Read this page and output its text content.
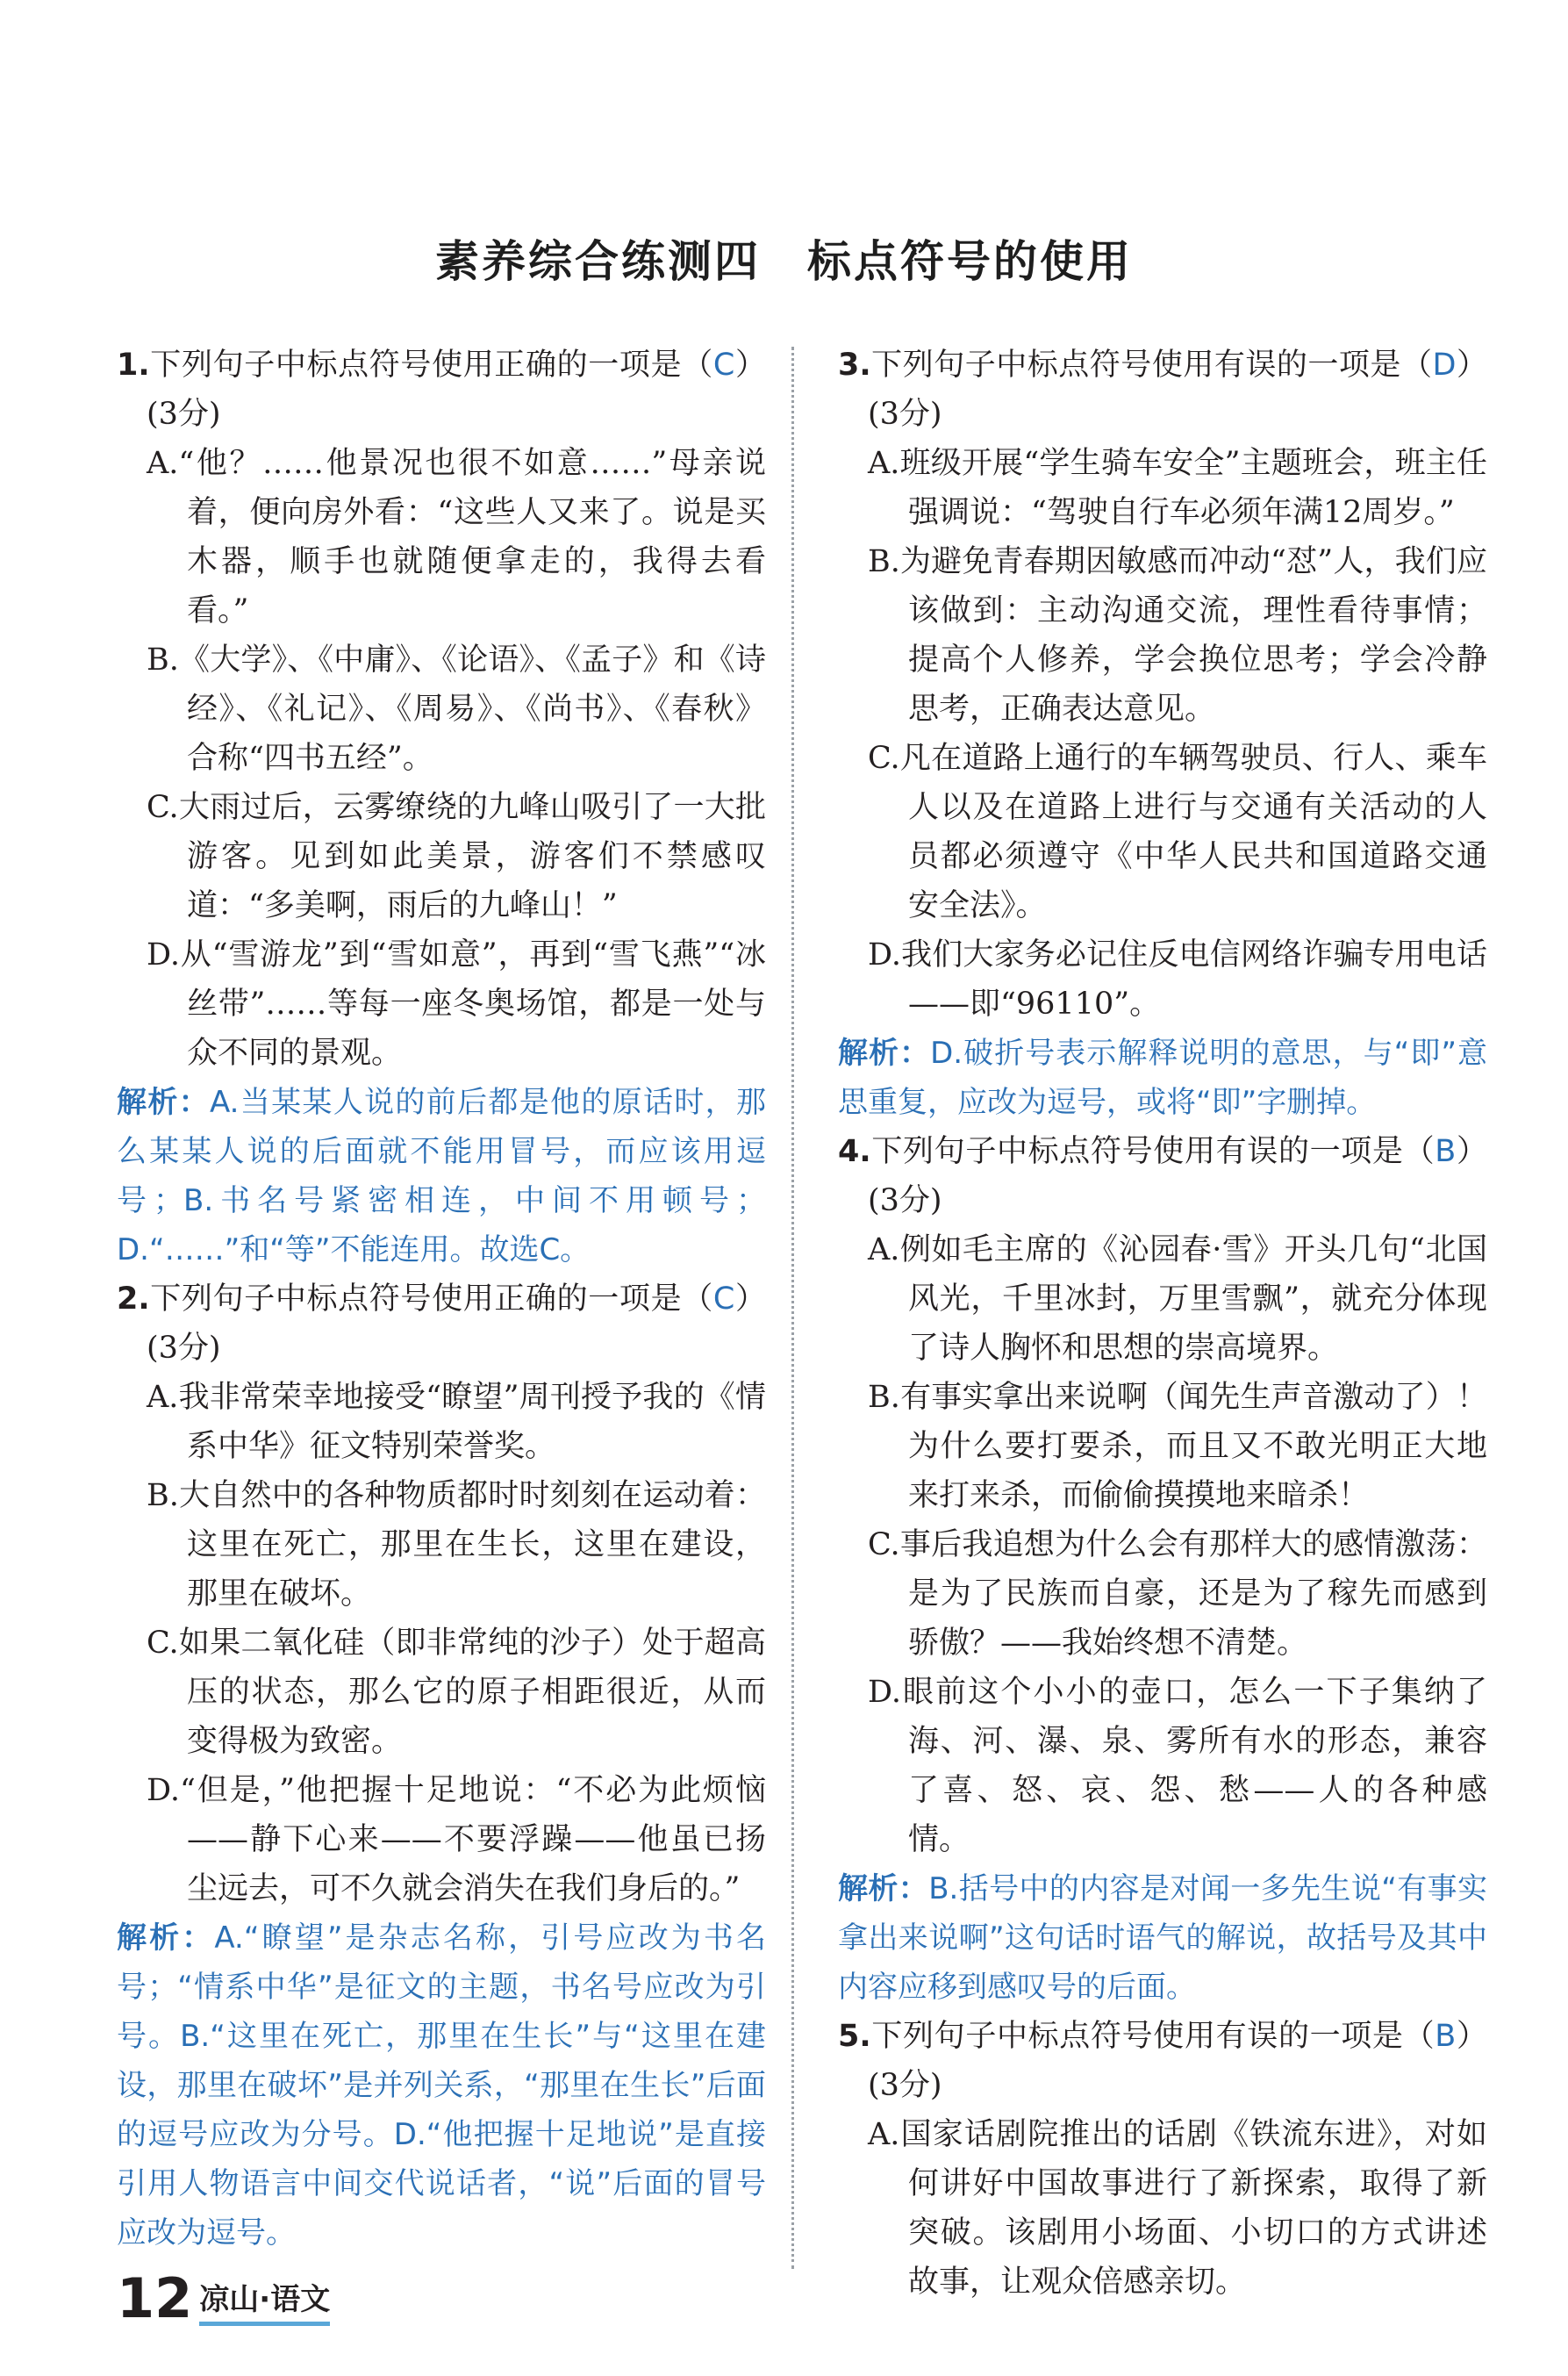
素养综合练测四　标点符号的使用
1.下列句子中标点符号使用正确的一项是（C）(3分)
A.“他？……他景况也很不如意……”母亲说着，便向房外看：“这些人又来了。说是买木器，顺手也就随便拿走的，我得去看看。”
B.《大学》、《中庸》、《论语》、《孟子》和《诗经》、《礼记》、《周易》、《尚书》、《春秋》合称“四书五经”。
C.大雨过后，云雾缭绕的九峰山吸引了一大批游客。见到如此美景，游客们不禁感叹道：“多美啊，雨后的九峰山！”
D.从“雪游龙”到“雪如意”，再到“雪飞燕”“冰丝带”……等每一座冬奥场馆，都是一处与众不同的景观。
解析：A.当某某人说的前后都是他的原话时，那么某某人说的后面就不能用冒号，而应该用逗号；B.书名号紧密相连，中间不用顿号；D.“……”和“等”不能连用。故选C。
2.下列句子中标点符号使用正确的一项是（C）(3分)
A.我非常荣幸地接受“瞭望”周刊授予我的《情系中华》征文特别荣誉奖。
B.大自然中的各种物质都时时刻刻在运动着：这里在死亡，那里在生长，这里在建设，那里在破坏。
C.如果二氧化硅（即非常纯的沙子）处于超高压的状态，那么它的原子相距很近，从而变得极为致密。
D.“但是，”他把握十足地说：“不必为此烦恼——静下心来——不要浮躁——他虽已扬尘远去，可不久就会消失在我们身后的。”
解析：A.“瞭望”是杂志名称，引号应改为书名号；“情系中华”是征文的主题，书名号应改为引号。B.“这里在死亡，那里在生长”与“这里在建设，那里在破坏”是并列关系，“那里在生长”后面的逗号应改为分号。D.“他把握十足地说”是直接引用人物语言中间交代说话者，“说”后面的冒号应改为逗号。
3.下列句子中标点符号使用有误的一项是（D）(3分)
A.班级开展“学生骑车安全”主题班会，班主任强调说：“驾驶自行车必须年满12周岁。”
B.为避免青春期因敏感而冲动“怼”人，我们应该做到：主动沟通交流，理性看待事情；提高个人修养，学会换位思考；学会冷静思考，正确表达意见。
C.凡在道路上通行的车辆驾驶员、行人、乘车人以及在道路上进行与交通有关活动的人员都必须遵守《中华人民共和国道路交通安全法》。
D.我们大家务必记住反电信网络诈骗专用电话——即“96110”。
解析：D.破折号表示解释说明的意思，与“即”意思重复，应改为逗号，或将“即”字删掉。
4.下列句子中标点符号使用有误的一项是（B）(3分)
A.例如毛主席的《沁园春·雪》开头几句“北国风光，千里冰封，万里雪飘”，就充分体现了诗人胸怀和思想的崇高境界。
B.有事实拿出来说啊（闻先生声音激动了）！为什么要打要杀，而且又不敢光明正大地来打来杀，而偷偷摸摸地来暗杀！
C.事后我追想为什么会有那样大的感情激荡：是为了民族而自豪，还是为了稼先而感到骄傲？——我始终想不清楚。
D.眼前这个小小的壶口，怎么一下子集纳了海、河、瀑、泉、雾所有水的形态，兼容了喜、怒、哀、怨、愁——人的各种感情。
解析：B.括号中的内容是对闻一多先生说“有事实拿出来说啊”这句话时语气的解说，故括号及其中内容应移到感叹号的后面。
5.下列句子中标点符号使用有误的一项是（B）(3分)
A.国家话剧院推出的话剧《铁流东进》，对如何讲好中国故事进行了新探索，取得了新突破。该剧用小场面、小切口的方式讲述故事，让观众倍感亲切。
12 凉山·语文
